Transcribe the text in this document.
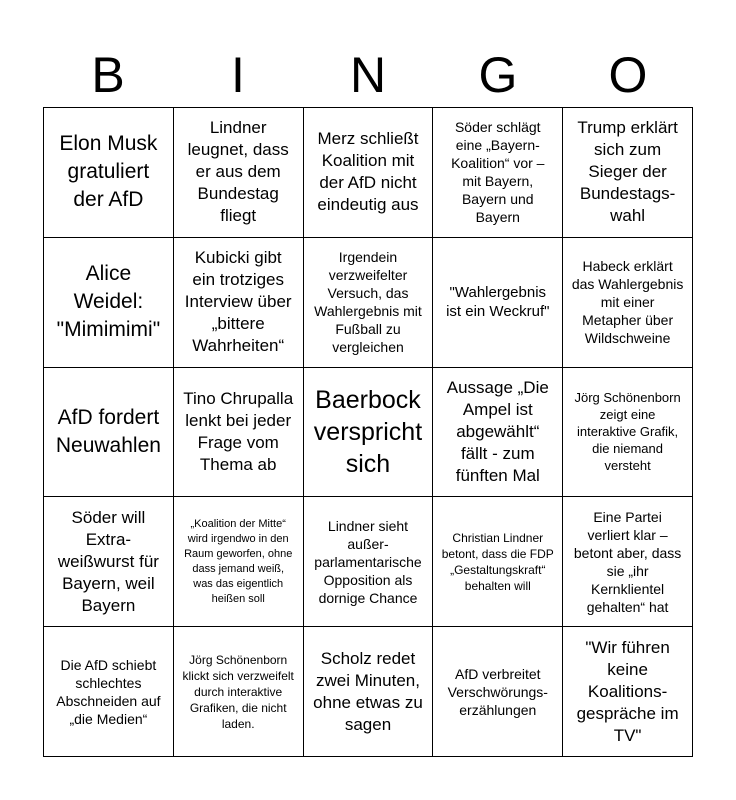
B	I	N	G	O
Elon Musk gratuliert der AfD
Lindner leugnet, dass er aus dem Bundestag fliegt
Merz schließt Koalition mit der AfD nicht eindeutig aus
Söder schlägt eine „Bayern-Koalition“ vor – mit Bayern, Bayern und Bayern
Trump erklärt sich zum Sieger der Bundestags-wahl
Alice Weidel: "Mimimimi"
Kubicki gibt ein trotziges Interview über „bittere Wahrheiten“
Irgendein verzweifelter Versuch, das Wahlergebnis mit Fußball zu vergleichen
"Wahlergebnis ist ein Weckruf"
Habeck erklärt das Wahlergebnis mit einer Metapher über Wildschweine
AfD fordert Neuwahlen
Tino Chrupalla lenkt bei jeder Frage vom Thema ab
Baerbock verspricht sich
Aussage „Die Ampel ist abgewählt“ fällt - zum fünften Mal
Jörg Schönenborn zeigt eine interaktive Grafik, die niemand versteht
Söder will Extra-weißwurst für Bayern, weil Bayern
„Koalition der Mitte“ wird irgendwo in den Raum geworfen, ohne dass jemand weiß, was das eigentlich heißen soll
Lindner sieht außer-parlamentarische Opposition als dornige Chance
Christian Lindner betont, dass die FDP „Gestaltungskraft“ behalten will
Eine Partei verliert klar – betont aber, dass sie „ihr Kernklientel gehalten“ hat
Die AfD schiebt schlechtes Abschneiden auf „die Medien“
Jörg Schönenborn klickt sich verzweifelt durch interaktive Grafiken, die nicht laden.
Scholz redet zwei Minuten, ohne etwas zu sagen
AfD verbreitet Verschwörungs-erzählungen
"Wir führen keine Koalitions-gespräche im TV"
